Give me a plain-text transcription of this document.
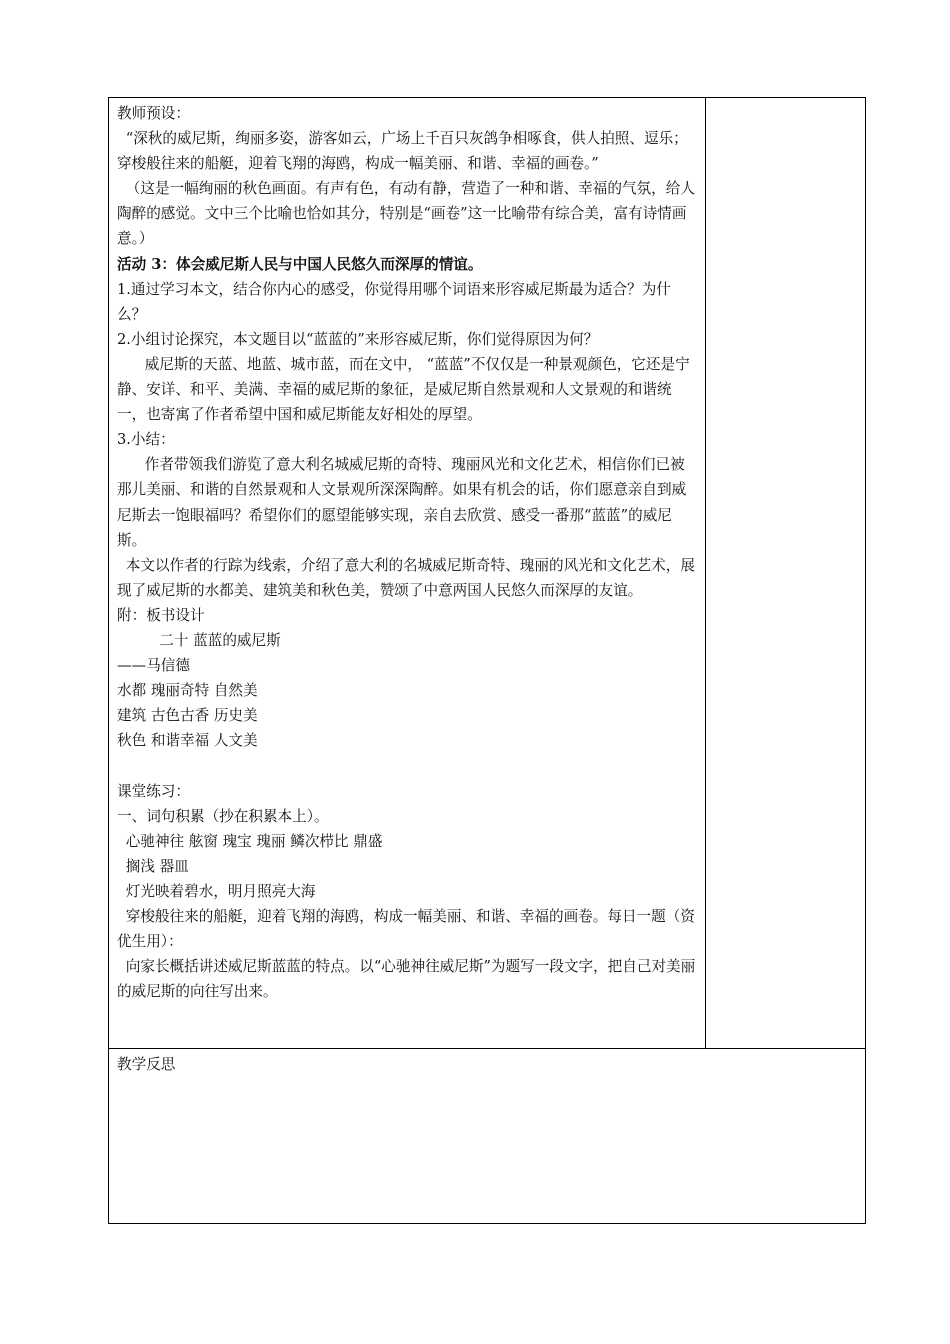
教师预设：

“深秋的威尼斯，绚丽多姿，游客如云，广场上千百只灰鸽争相啄食，供人拍照、逗乐；穿梭般往来的船艇，迎着飞翔的海鸥，构成一幅美丽、和谐、幸福的画卷。”

（这是一幅绚丽的秋色画面。有声有色，有动有静，营造了一种和谐、幸福的气氛，给人陶醉的感觉。文中三个比喻也恰如其分，特别是“画卷”这一比喻带有综合美，富有诗情画意。）

活动 3：体会威尼斯人民与中国人民悠久而深厚的情谊。

1.通过学习本文，结合你内心的感受，你觉得用哪个词语来形容威尼斯最为适合？为什么？

2.小组讨论探究，本文题目以“蓝蓝的”来形容威尼斯，你们觉得原因为何？

威尼斯的天蓝、地蓝、城市蓝，而在文中， “蓝蓝”不仅仅是一种景观颜色，它还是宁静、安详、和平、美满、幸福的威尼斯的象征，是威尼斯自然景观和人文景观的和谐统一，也寄寓了作者希望中国和威尼斯能友好相处的厚望。

3.小结：

作者带领我们游览了意大利名城威尼斯的奇特、瑰丽风光和文化艺术，相信你们已被那儿美丽、和谐的自然景观和人文景观所深深陶醉。如果有机会的话，你们愿意亲自到威尼斯去一饱眼福吗？希望你们的愿望能够实现，亲自去欣赏、感受一番那“蓝蓝”的威尼斯。

本文以作者的行踪为线索，介绍了意大利的名城威尼斯奇特、瑰丽的风光和文化艺术，展现了威尼斯的水都美、建筑美和秋色美，赞颂了中意两国人民悠久而深厚的友谊。

附：板书设计

二十 蓝蓝的威尼斯

——马信德

水都 瑰丽奇特 自然美

建筑 古色古香 历史美

秋色 和谐幸福 人文美

课堂练习：

一、词句积累（抄在积累本上）。

心驰神往 舷窗 瑰宝 瑰丽 鳞次栉比 鼎盛

搁浅 器皿

灯光映着碧水，明月照亮大海

穿梭般往来的船艇，迎着飞翔的海鸥，构成一幅美丽、和谐、幸福的画卷。每日一题（资优生用）：

向家长概括讲述威尼斯蓝蓝的特点。以“心驰神往威尼斯”为题写一段文字，把自己对美丽的威尼斯的向往写出来。

教学反思
